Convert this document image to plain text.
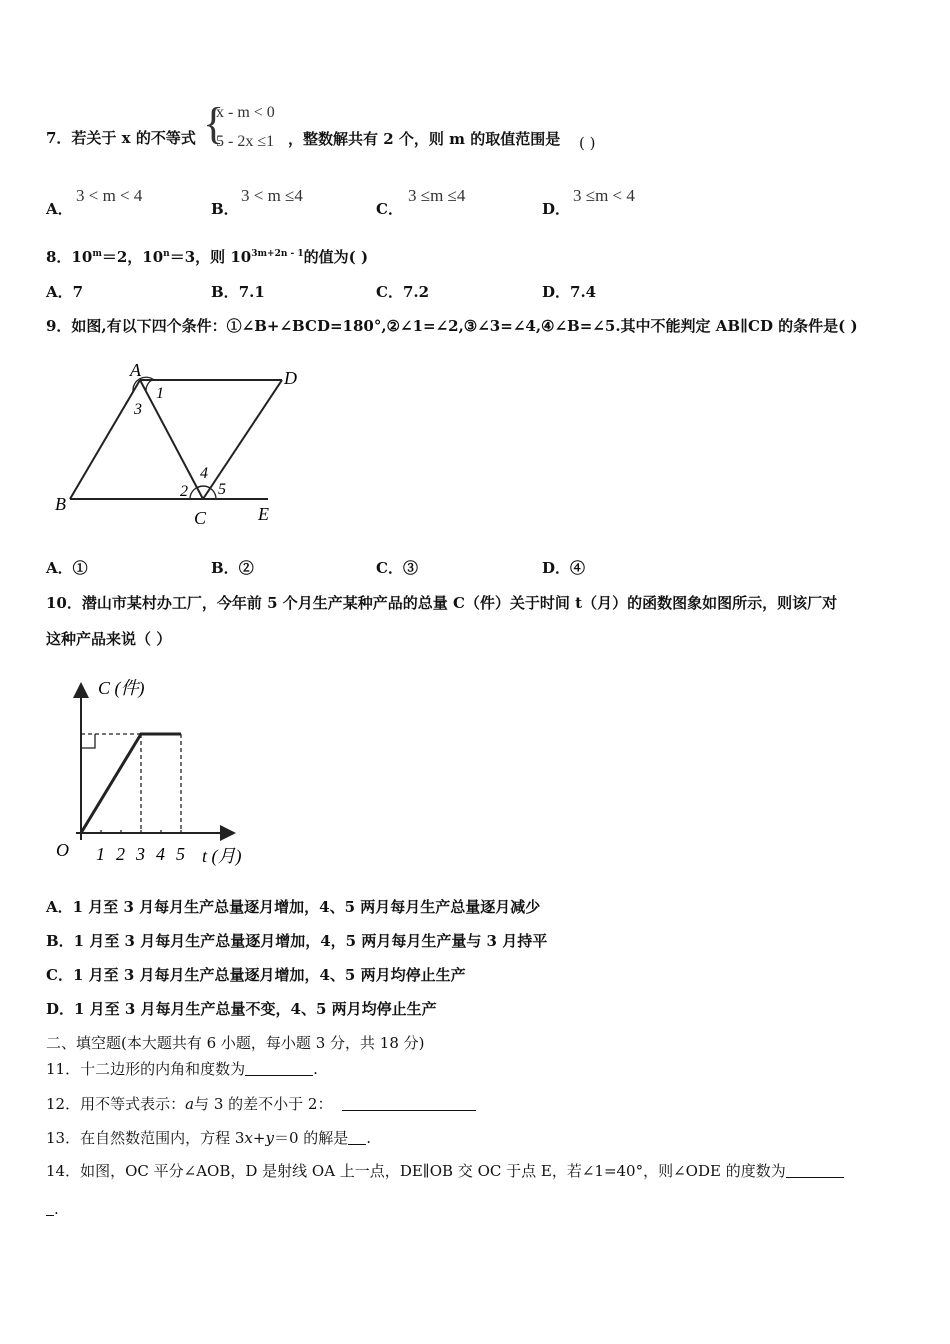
7．若关于 x 的不等式 {
x - m < 0
5 - 2x ≤1 ，整数解共有 2 个，则 m 的取值范围是 ( )
A．
3 < m < 4
B．
3 < m ≤4
C．
3 ≤m ≤4
D．
3 ≤m < 4
8．$10^m=2$，$10^n=3$，则 $10^{3m+2n - 1}$的值为( )
A．7	B．7.1	C．7.2	D．7.4
9．如图,有以下四个条件：①∠B+∠BCD=180°,②∠1=∠2,③∠3=∠4,④∠B=∠5.其中不能判定 AB∥CD 的条件是( )
A	D
B
C	E
1
3
4
2 5
A．①	B．②	C．③	D．④
10．潜山市某村办工厂，今年前 5 个月生产某种产品的总量 C（件）关于时间 t（月）的函数图象如图所示，则该厂对
这种产品来说（ ）
C (件)
t (月)
O 1 2 3 4 5
A．1 月至 3 月每月生产总量逐月增加，4、5 两月每月生产总量逐月减少
B．1 月至 3 月每月生产总量逐月增加，4，5 两月每月生产量与 3 月持平
C．1 月至 3 月每月生产总量逐月增加，4、5 两月均停止生产
D．1 月至 3 月每月生产总量不变，4、5 两月均停止生产
二、填空题(本大题共有 6 小题，每小题 3 分，共 18 分)
11．十二边形的内角和度数为	.
12．用不等式表示：a与 3 的差不小于 2：
13．在自然数范围内，方程 3x+y＝0 的解是 .
14．如图，OC 平分∠AOB，D 是射线 OA 上一点，DE∥OB 交 OC 于点 E，若∠1=40°，则∠ODE 的度数为
.
